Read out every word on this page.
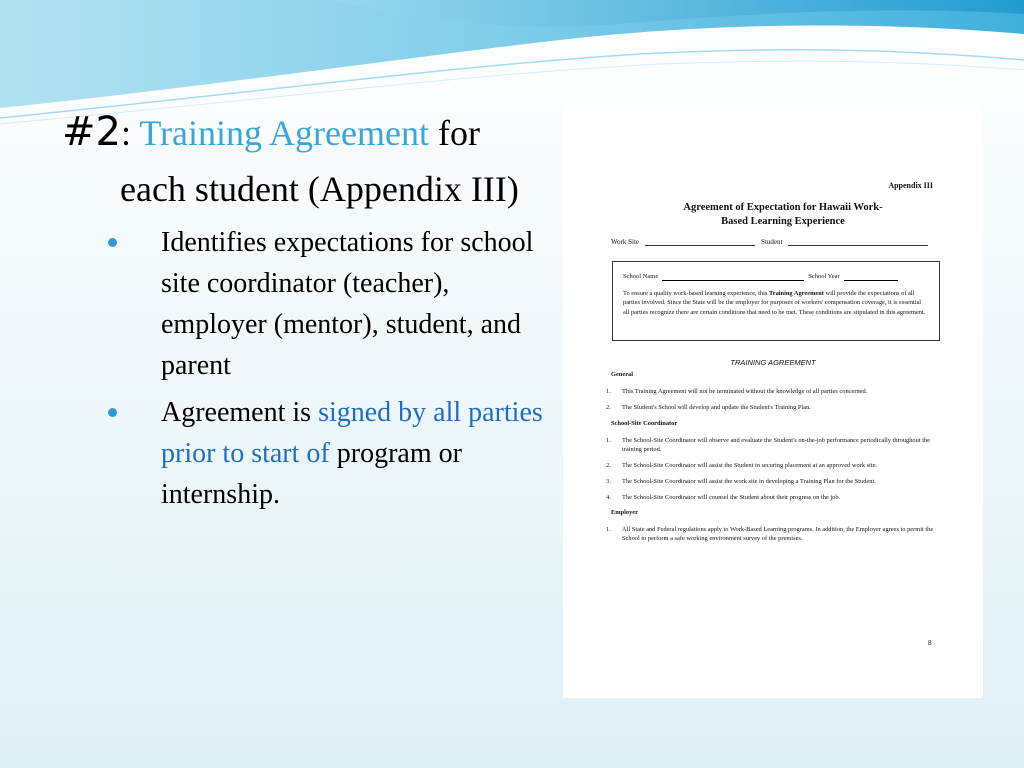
#2: Training Agreement for
each student (Appendix III)
Identifies expectations for school site coordinator (teacher), employer (mentor), student, and parent
Agreement is signed by all parties prior to start of program or internship.
Appendix III
Agreement of Expectation for Hawaii Work-
Based Learning Experience
Work Site	Student
School Name	School Year
To ensure a quality work-based learning experience, this Training Agreement will provide the expectations of all parties involved. Since the State will be the employer for purposes of workers' compensation coverage, it is essential all parties recognize there are certain conditions that need to be met. These conditions are stipulated in this agreement.
TRAINING AGREEMENT
General
1.	This Training Agreement will not be terminated without the knowledge of all parties concerned.
2.	The Student's School will develop and update the Student's Training Plan.
School-Site Coordinator
1.	The School-Site Coordinator will observe and evaluate the Student's on-the-job performance periodically throughout the training period.
2.	The School-Site Coordinator will assist the Student in securing placement at an approved work site.
3.	The School-Site Coordinator will assist the work site in developing a Training Plan for the Student.
4.	The School-Site Coordinator will counsel the Student about their progress on the job.
Employer
1.	All State and Federal regulations apply to Work-Based Learning programs. In addition, the Employer agrees to permit the School to perform a safe working environment survey of the premises.
8
